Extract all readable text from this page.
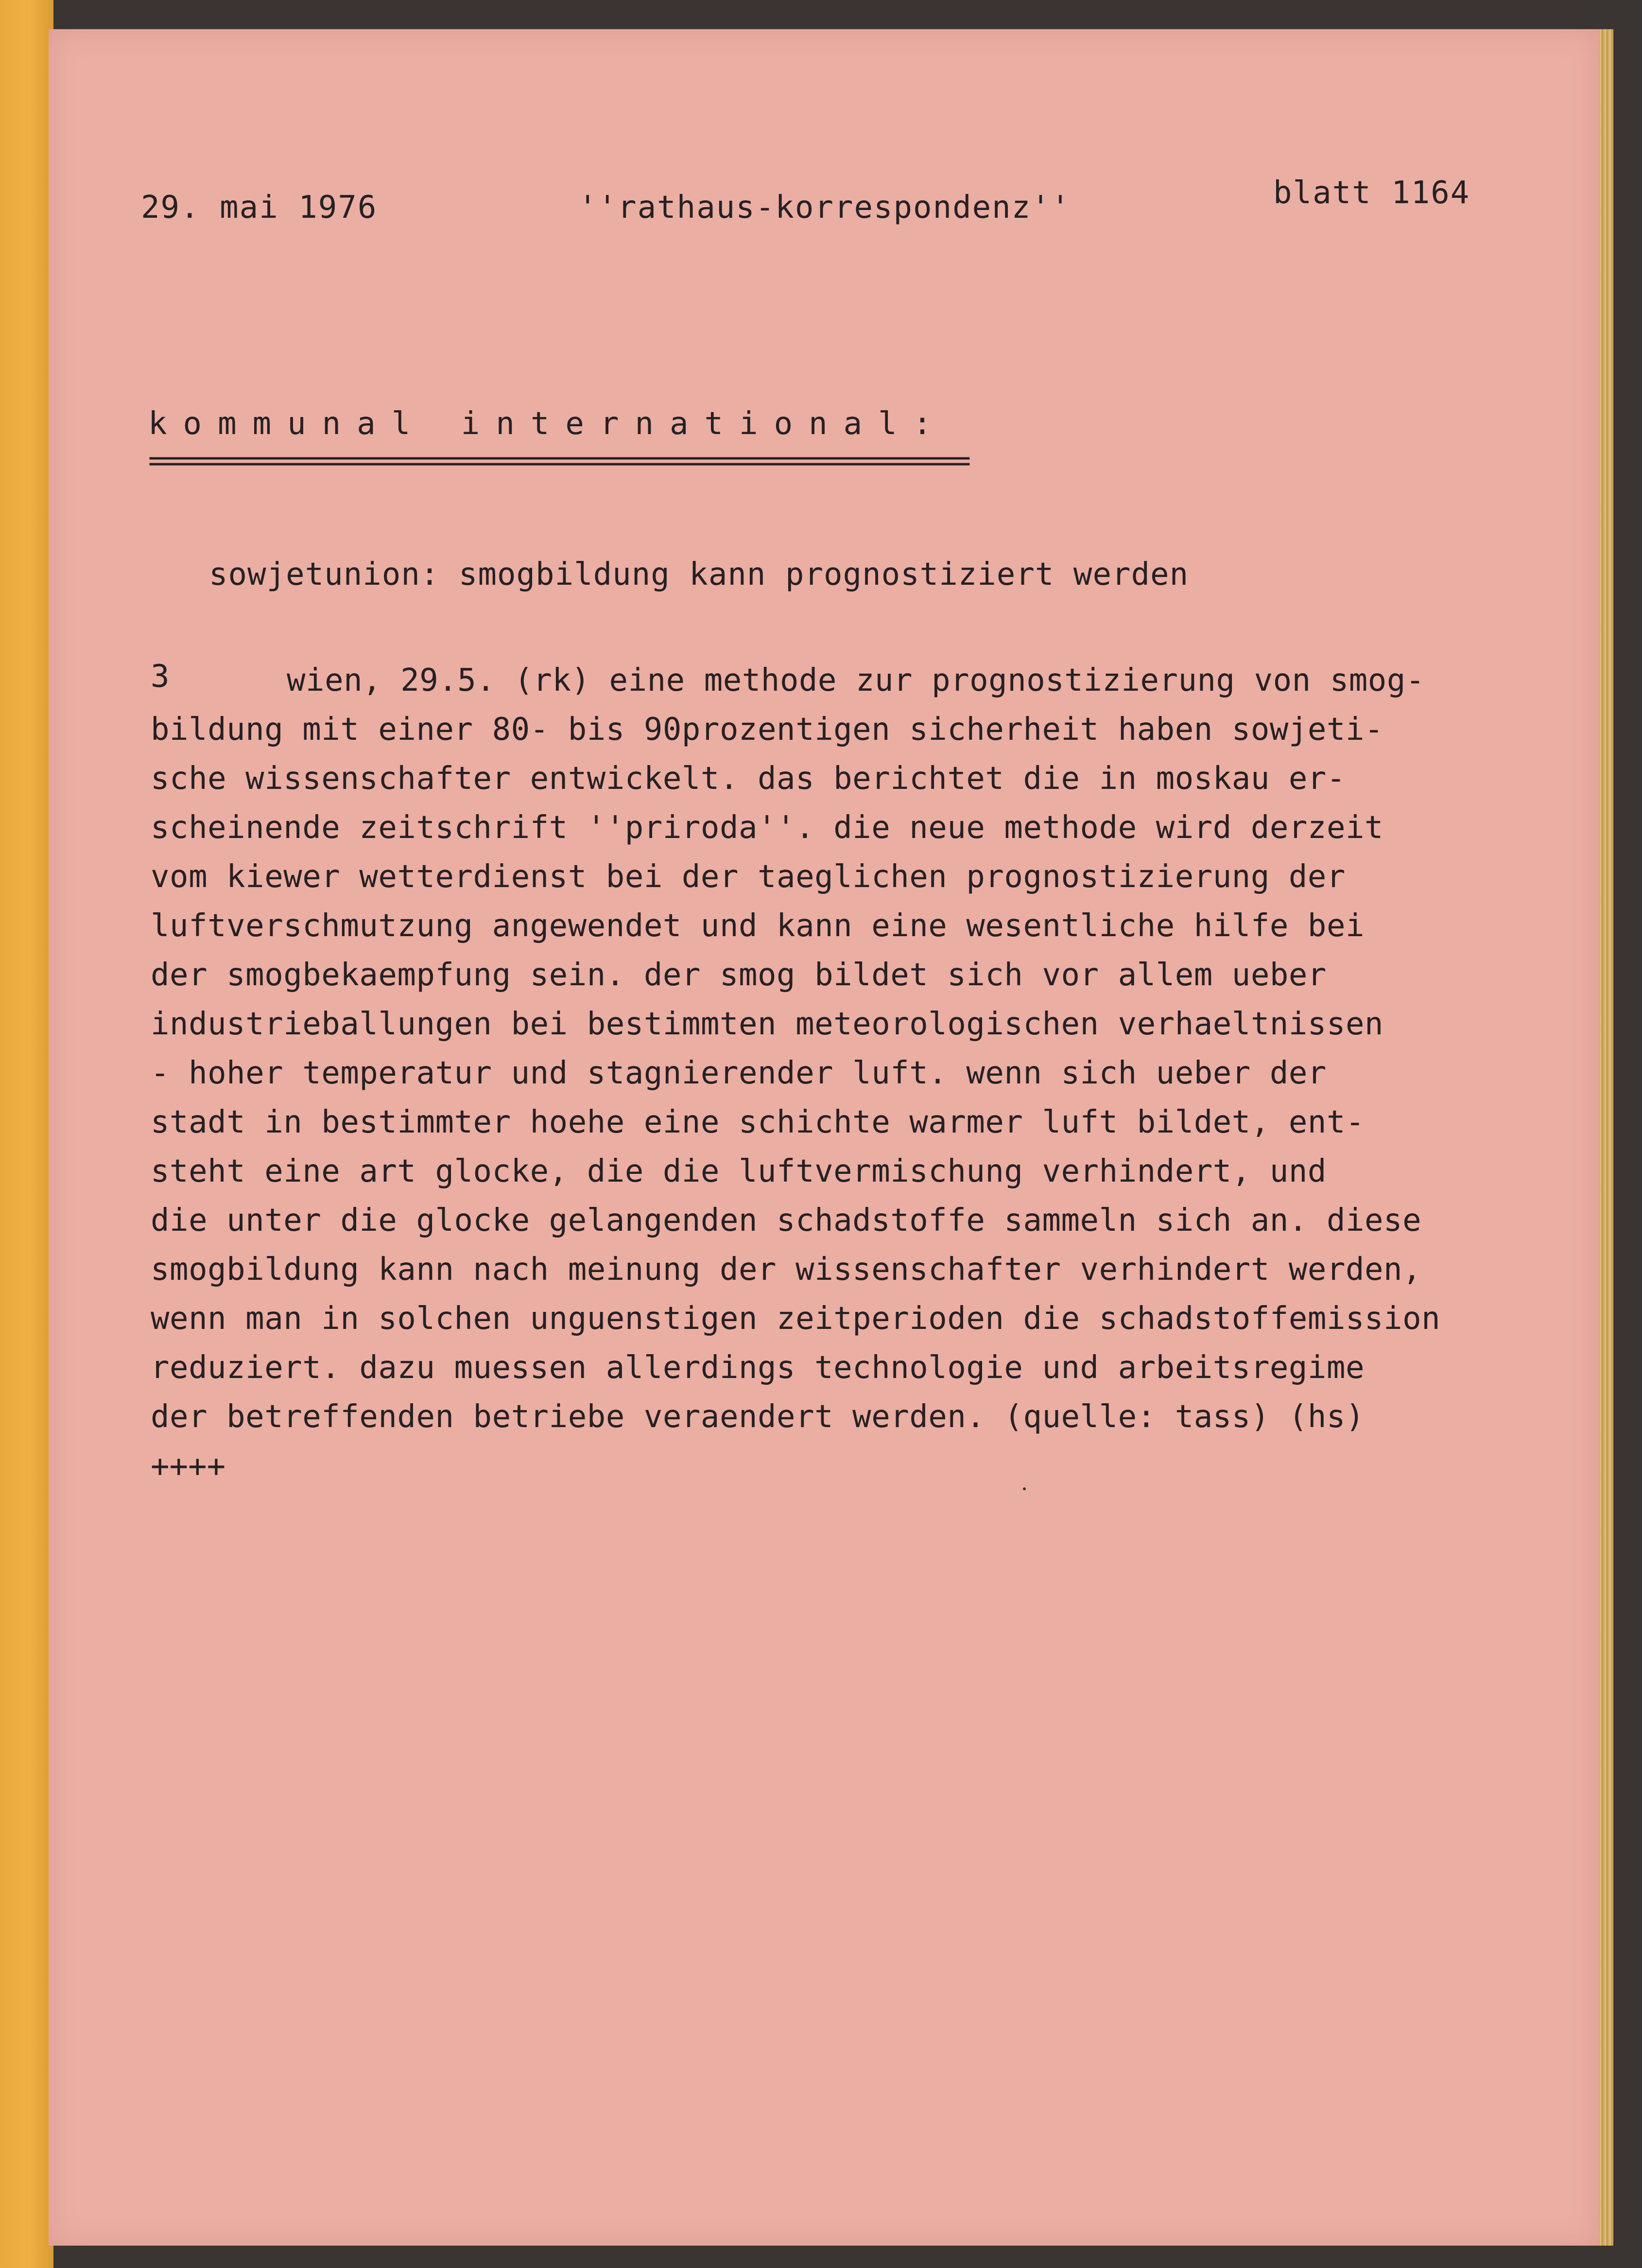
29. mai 1976	''rathaus-korrespondenz''	blatt 1164
kommunal international:
========================================================
sowjetunion: smogbildung kann prognostiziert werden
3	wien, 29.5. (rk) eine methode zur prognostizierung von smog-
bildung mit einer 80- bis 90prozentigen sicherheit haben sowjeti-
sche wissenschafter entwickelt. das berichtet die in moskau er-
scheinende zeitschrift ''priroda''. die neue methode wird derzeit
vom kiewer wetterdienst bei der taeglichen prognostizierung der
luftverschmutzung angewendet und kann eine wesentliche hilfe bei
der smogbekaempfung sein. der smog bildet sich vor allem ueber
industrieballungen bei bestimmten meteorologischen verhaeltnissen
- hoher temperatur und stagnierender luft. wenn sich ueber der
stadt in bestimmter hoehe eine schichte warmer luft bildet, ent-
steht eine art glocke, die die luftvermischung verhindert, und
die unter die glocke gelangenden schadstoffe sammeln sich an. diese
smogbildung kann nach meinung der wissenschafter verhindert werden,
wenn man in solchen unguenstigen zeitperioden die schadstoffemission
reduziert. dazu muessen allerdings technologie und arbeitsregime
der betreffenden betriebe veraendert werden. (quelle: tass) (hs)
++++
